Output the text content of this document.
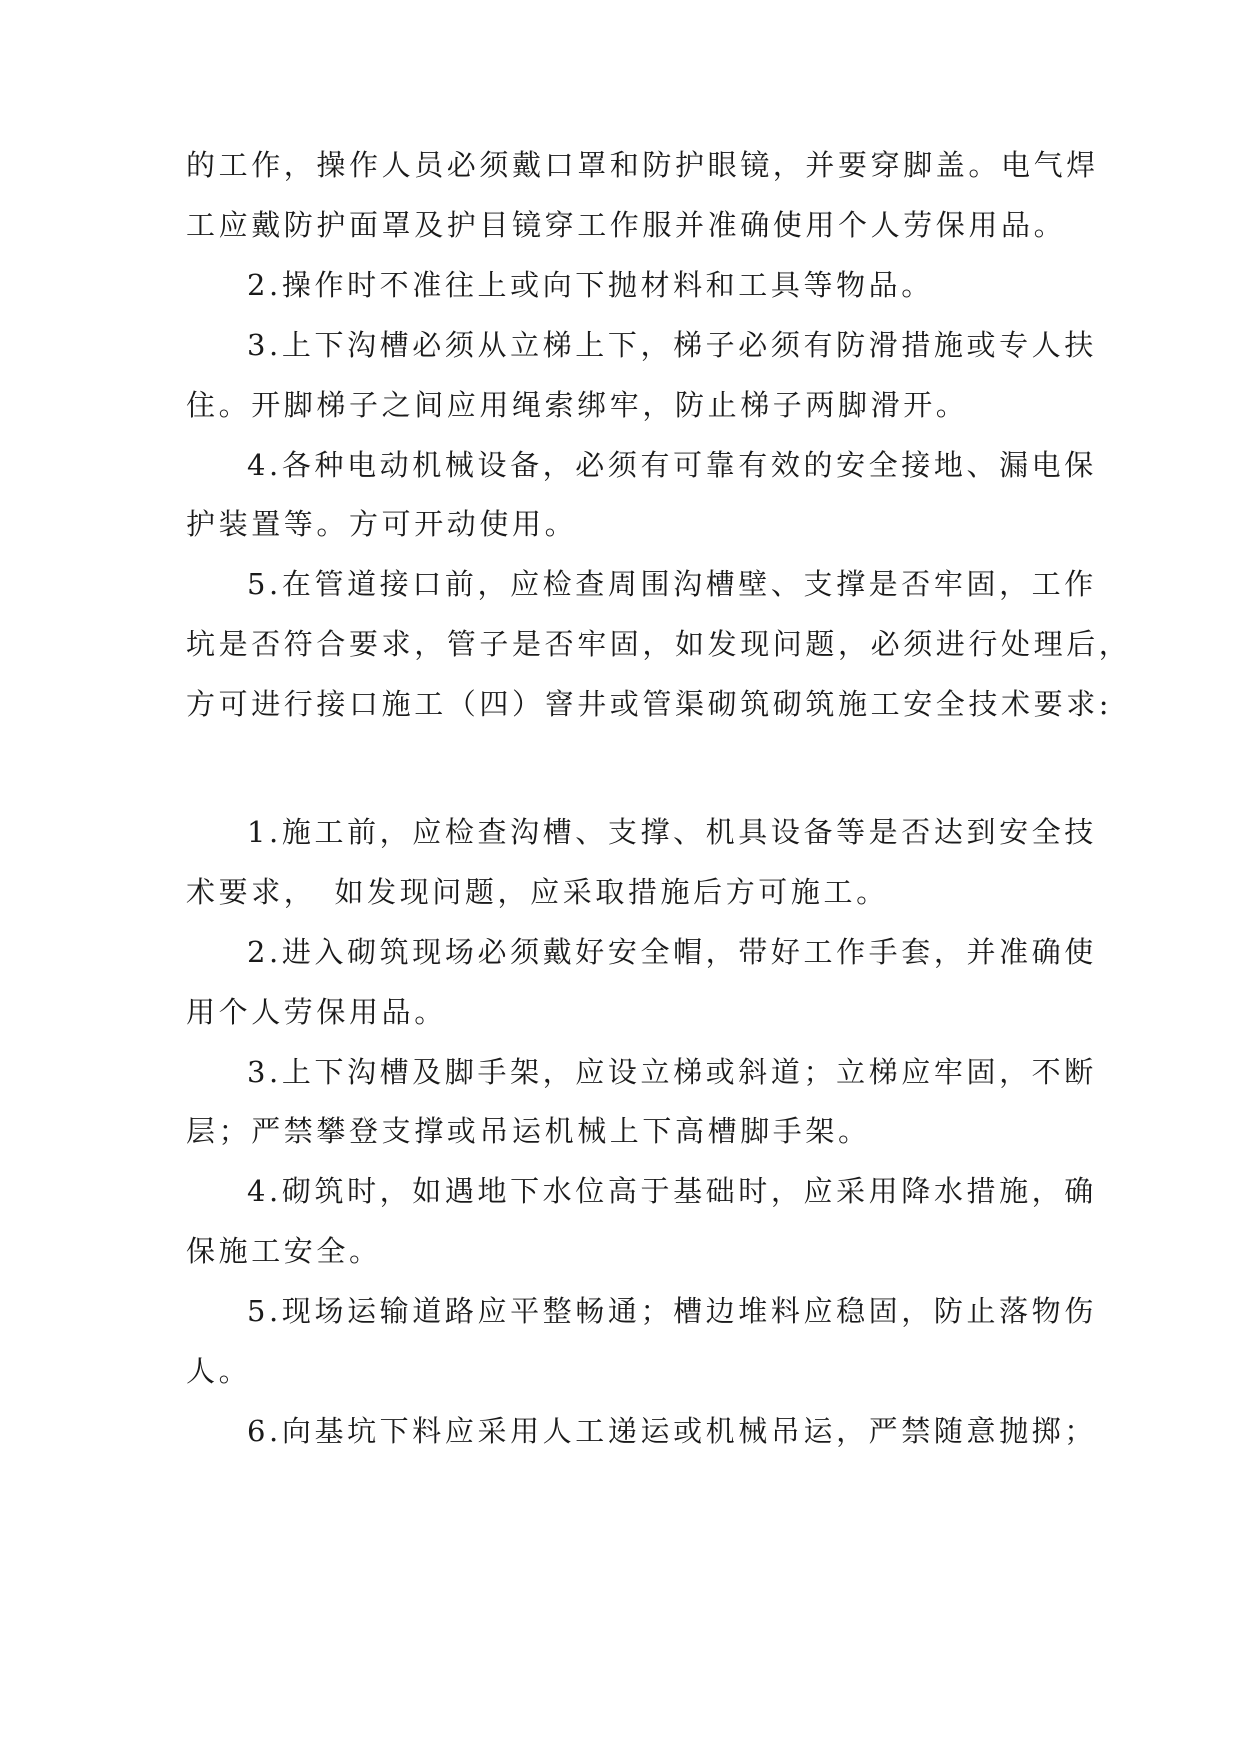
的工作，操作人员必须戴口罩和防护眼镜，并要穿脚盖。电气焊
工应戴防护面罩及护目镜穿工作服并准确使用个人劳保用品。
2.操作时不准往上或向下抛材料和工具等物品。
3.上下沟槽必须从立梯上下，梯子必须有防滑措施或专人扶
住。开脚梯子之间应用绳索绑牢，防止梯子两脚滑开。
4.各种电动机械设备，必须有可靠有效的安全接地、漏电保
护装置等。方可开动使用。
5.在管道接口前，应检查周围沟槽壁、支撑是否牢固，工作
坑是否符合要求，管子是否牢固，如发现问题，必须进行处理后，
方可进行接口施工（四）窨井或管渠砌筑砌筑施工安全技术要求:
1.施工前，应检查沟槽、支撑、机具设备等是否达到安全技
术要求，　如发现问题，应采取措施后方可施工。
2.进入砌筑现场必须戴好安全帽，带好工作手套，并准确使
用个人劳保用品。
3.上下沟槽及脚手架，应设立梯或斜道；立梯应牢固，不断
层；严禁攀登支撑或吊运机械上下高槽脚手架。
4.砌筑时，如遇地下水位高于基础时，应采用降水措施，确
保施工安全。
5.现场运输道路应平整畅通；槽边堆料应稳固，防止落物伤
人。
6.向基坑下料应采用人工递运或机械吊运，严禁随意抛掷；
